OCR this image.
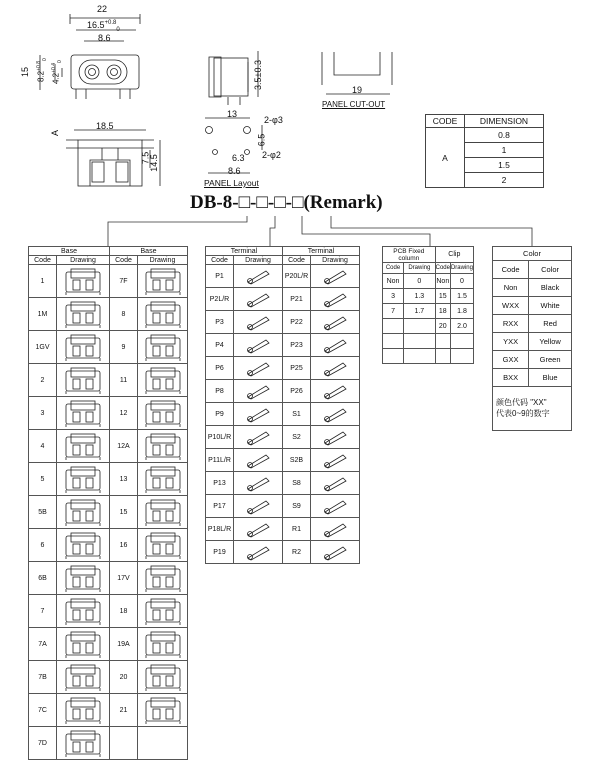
22
$16.5^{+0.8}_0$
8.6
15 $8.2^{+0.8}_0$
$4.2^{+0.4}_0$	3.5±0.3
19
PANEL CUT-OUT
13
2-φ3
6.5
2-φ2
6.3
8.6
PANEL Layout
18.5
A
7.5
14.5
CODE	DIMENSION
A	0.8
	1
	1.5
	2
DB-8-□-□-□-□(Remark)
Base		Base	
Code	Drawing	Code	Drawing
1		7F	

1M		8	

1GV		9	

2		11	

3		12	

4		12A	

5		13	

5B		15	

6		16	

6B		17V	

7		18	

7A		19A	

7B		20	

7C		21	

7D	

Terminal		Terminal	
Code	Drawing	Code	Drawing
P1		P20L/R	

P2L/R		P21	

P3		P22	

P4		P23	

P6		P25	

P8		P26	

P9		S1	

P10L/R		S2	

P11L/R		S2B	

P13		S8	

P17		S9	

P18L/R		R1	

P19		R2	
PCB Fixed column		Clip	
Code	Drawing	Code	Drawing
Non	0	Non	0
3	1.3	15	1.5
7	1.7	18	1.8
		20	2.0

Color	
Code	Color
Non	Black
WXX	White
RXX	Red
YXX	Yellow
GXX	Green
BXX	Blue

颜色代码 "XX"
代表0~9的数字	
